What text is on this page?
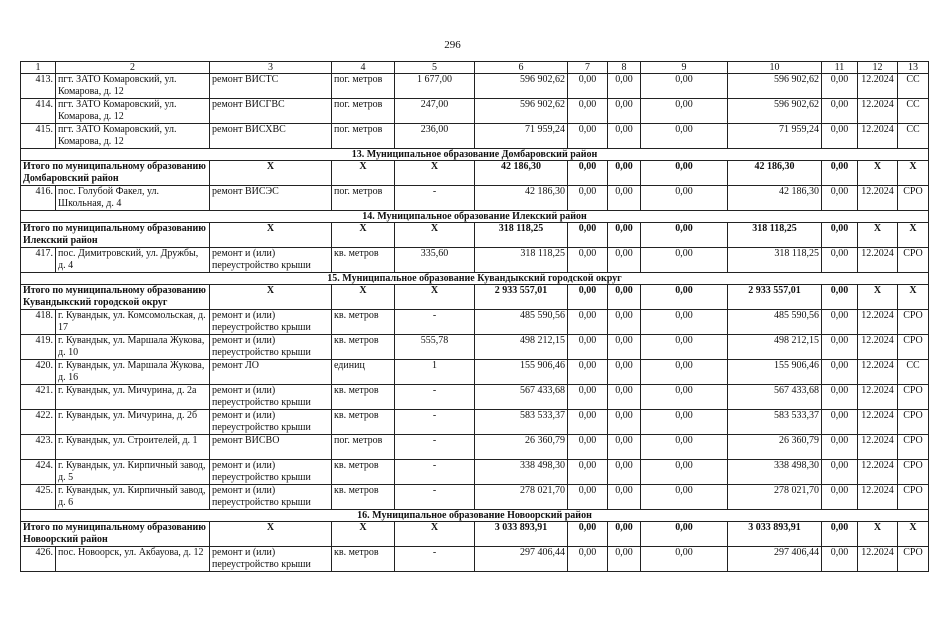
296
1	2	3	4	5	6	7	8	9	10	11	12	13
413.	пгт. ЗАТО Комаровский, ул. Комарова, д. 12	ремонт ВИСТС	пог. метров	1 677,00	596 902,62	0,00	0,00	0,00	596 902,62	0,00	12.2024	СС
414.	пгт. ЗАТО Комаровский, ул. Комарова, д. 12	ремонт ВИСГВС	пог. метров	247,00	596 902,62	0,00	0,00	0,00	596 902,62	0,00	12.2024	СС
415.	пгт. ЗАТО Комаровский, ул. Комарова, д. 12	ремонт ВИСХВС	пог. метров	236,00	71 959,24	0,00	0,00	0,00	71 959,24	0,00	12.2024	СС
13. Муниципальное образование Домбаровский район												
Итого по муниципальному образованию Домбаровский район		Х	Х	Х	42 186,30	0,00	0,00	0,00	42 186,30	0,00	Х	Х
416.	пос. Голубой Факел, ул. Школьная, д. 4	ремонт ВИСЭС	пог. метров	-	42 186,30	0,00	0,00	0,00	42 186,30	0,00	12.2024	СРО
14. Муниципальное образование Илекский район												
Итого по муниципальному образованию Илекский район		Х	Х	Х	318 118,25	0,00	0,00	0,00	318 118,25	0,00	Х	Х
417.	пос. Димитровский, ул. Дружбы, д. 4	ремонт и (или) переустройство крыши	кв. метров	335,60	318 118,25	0,00	0,00	0,00	318 118,25	0,00	12.2024	СРО
15. Муниципальное образование Кувандыкский городской округ												
Итого по муниципальному образованию Кувандыкский городской округ		Х	Х	Х	2 933 557,01	0,00	0,00	0,00	2 933 557,01	0,00	Х	Х
418.	г. Кувандык, ул. Комсомольская, д. 17	ремонт и (или) переустройство крыши	кв. метров	-	485 590,56	0,00	0,00	0,00	485 590,56	0,00	12.2024	СРО
419.	г. Кувандык, ул. Маршала Жукова, д. 10	ремонт и (или) переустройство крыши	кв. метров	555,78	498 212,15	0,00	0,00	0,00	498 212,15	0,00	12.2024	СРО
420.	г. Кувандык, ул. Маршала Жукова, д. 16	ремонт ЛО	единиц	1	155 906,46	0,00	0,00	0,00	155 906,46	0,00	12.2024	СС
421.	г. Кувандык, ул. Мичурина, д. 2а	ремонт и (или) переустройство крыши	кв. метров	-	567 433,68	0,00	0,00	0,00	567 433,68	0,00	12.2024	СРО
422.	г. Кувандык, ул. Мичурина, д. 2б	ремонт и (или) переустройство крыши	кв. метров	-	583 533,37	0,00	0,00	0,00	583 533,37	0,00	12.2024	СРО
423.	г. Кувандык, ул. Строителей, д. 1	ремонт ВИСВО	пог. метров	-	26 360,79	0,00	0,00	0,00	26 360,79	0,00	12.2024	СРО
424.	г. Кувандык, ул. Кирпичный завод, д. 5	ремонт и (или) переустройство крыши	кв. метров	-	338 498,30	0,00	0,00	0,00	338 498,30	0,00	12.2024	СРО
425.	г. Кувандык, ул. Кирпичный завод, д. 6	ремонт и (или) переустройство крыши	кв. метров	-	278 021,70	0,00	0,00	0,00	278 021,70	0,00	12.2024	СРО
16. Муниципальное образование Новоорский район												
Итого по муниципальному образованию Новоорский район		Х	Х	Х	3 033 893,91	0,00	0,00	0,00	3 033 893,91	0,00	Х	Х
426.	пос. Новоорск, ул. Акбауова, д. 12	ремонт и (или) переустройство крыши	кв. метров	-	297 406,44	0,00	0,00	0,00	297 406,44	0,00	12.2024	СРО
